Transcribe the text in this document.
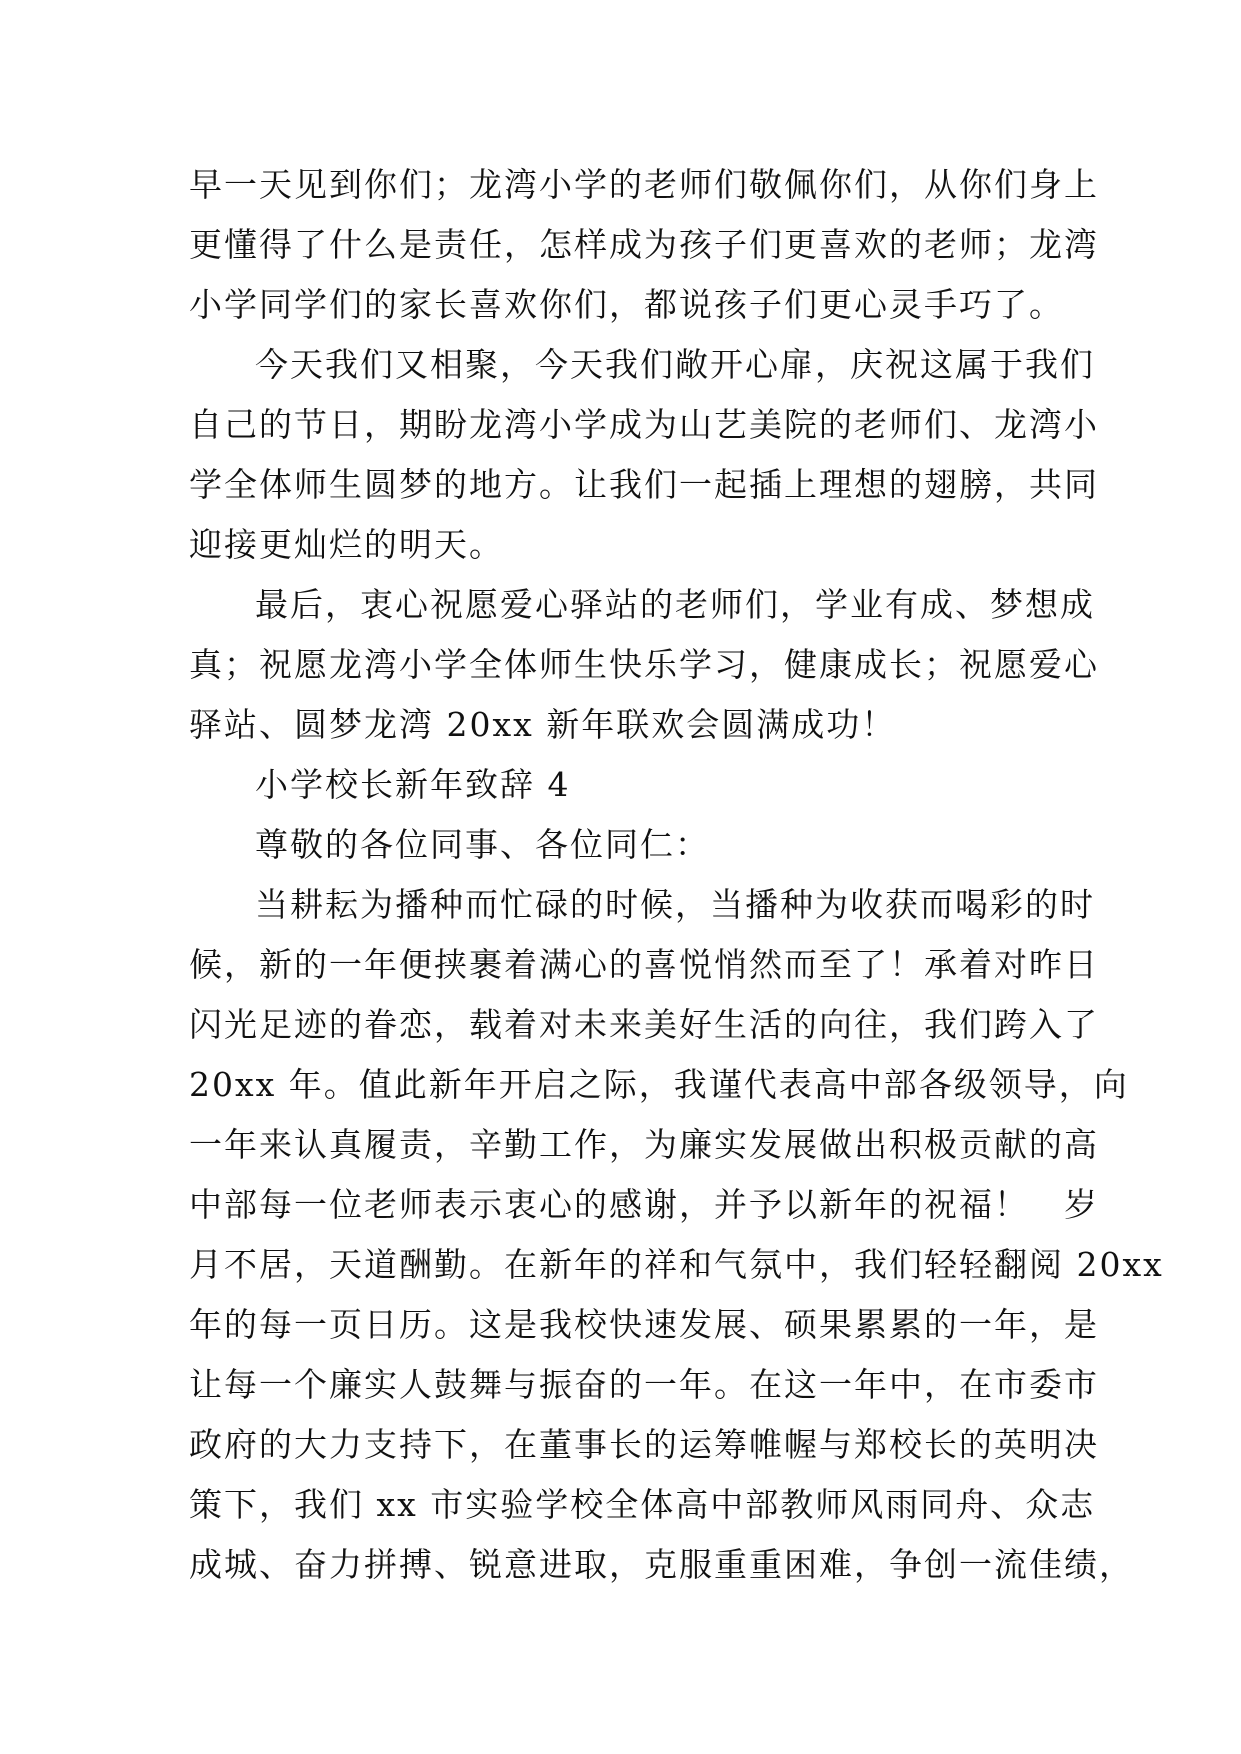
早一天见到你们；龙湾小学的老师们敬佩你们，从你们身上
更懂得了什么是责任，怎样成为孩子们更喜欢的老师；龙湾
小学同学们的家长喜欢你们，都说孩子们更心灵手巧了。
今天我们又相聚，今天我们敞开心扉，庆祝这属于我们
自己的节日，期盼龙湾小学成为山艺美院的老师们、龙湾小
学全体师生圆梦的地方。让我们一起插上理想的翅膀，共同
迎接更灿烂的明天。
最后，衷心祝愿爱心驿站的老师们，学业有成、梦想成
真；祝愿龙湾小学全体师生快乐学习，健康成长；祝愿爱心
驿站、圆梦龙湾 20xx 新年联欢会圆满成功！
小学校长新年致辞 4
尊敬的各位同事、各位同仁：
当耕耘为播种而忙碌的时候，当播种为收获而喝彩的时
候，新的一年便挟裹着满心的喜悦悄然而至了！承着对昨日
闪光足迹的眷恋，载着对未来美好生活的向往，我们跨入了
20xx 年。值此新年开启之际，我谨代表高中部各级领导，向
一年来认真履责，辛勤工作，为廉实发展做出积极贡献的高
中部每一位老师表示衷心的感谢，并予以新年的祝福！　岁
月不居，天道酬勤。在新年的祥和气氛中，我们轻轻翻阅 20xx
年的每一页日历。这是我校快速发展、硕果累累的一年，是
让每一个廉实人鼓舞与振奋的一年。在这一年中，在市委市
政府的大力支持下，在董事长的运筹帷幄与郑校长的英明决
策下，我们 xx 市实验学校全体高中部教师风雨同舟、众志
成城、奋力拼搏、锐意进取，克服重重困难，争创一流佳绩，
